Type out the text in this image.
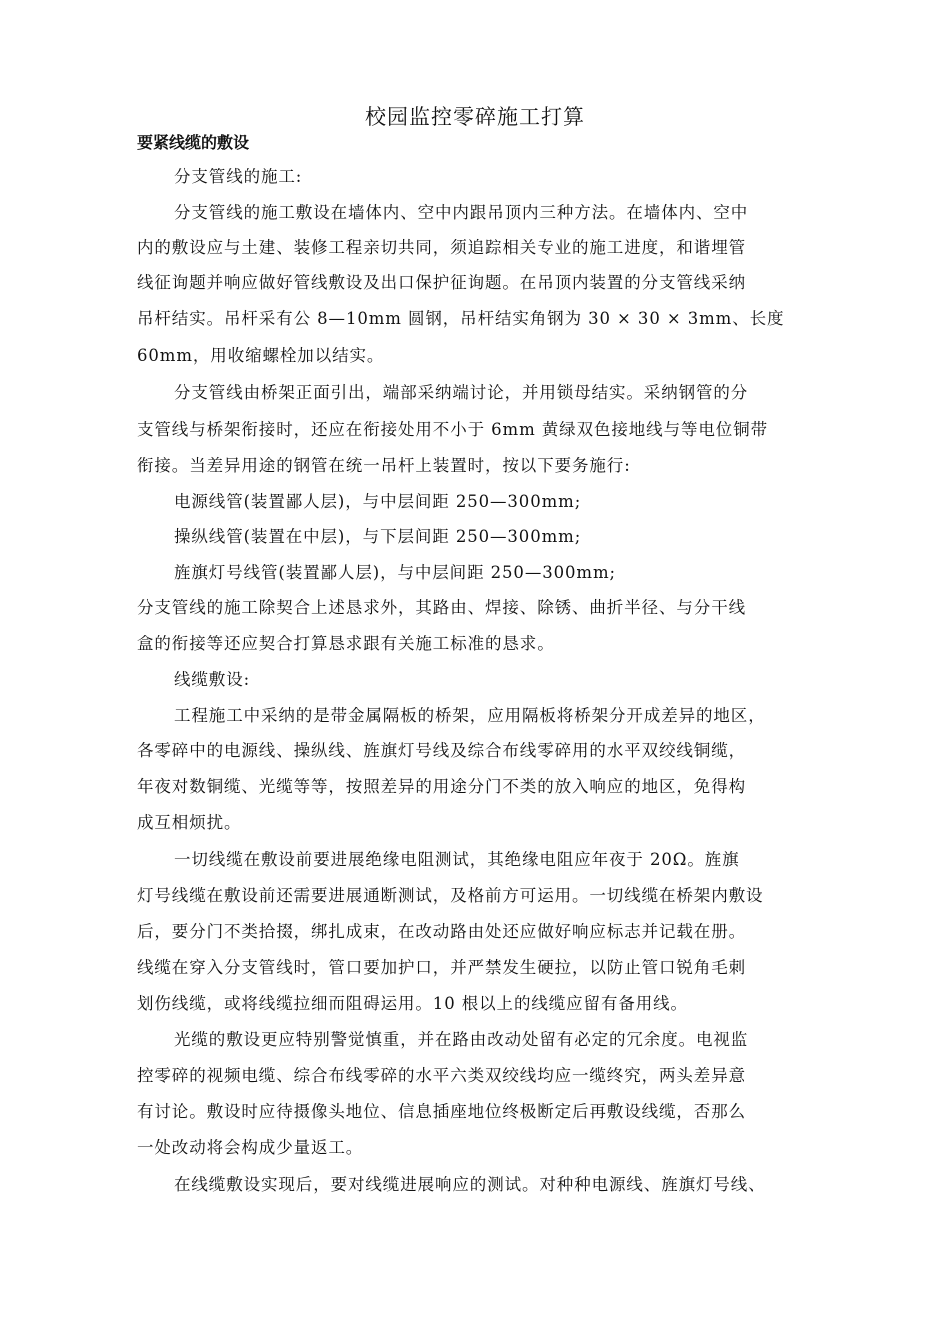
校园监控零碎施工打算
要紧线缆的敷设
分支管线的施工:
分支管线的施工敷设在墙体内、空中内跟吊顶内三种方法。在墙体内、空中
内的敷设应与土建、装修工程亲切共同，须追踪相关专业的施工进度，和谐埋管
线征询题并响应做好管线敷设及出口保护征询题。在吊顶内装置的分支管线采纳
吊杆结实。吊杆采有公 8—10mm 圆钢，吊杆结实角钢为 30 × 30 × 3mm、长度
60mm，用收缩螺栓加以结实。
分支管线由桥架正面引出，端部采纳端讨论，并用锁母结实。采纳钢管的分
支管线与桥架衔接时，还应在衔接处用不小于 6mm 黄绿双色接地线与等电位铜带
衔接。当差异用途的钢管在统一吊杆上装置时，按以下要务施行:
电源线管(装置鄙人层)，与中层间距 250—300mm;
操纵线管(装置在中层)，与下层间距 250—300mm;
旌旗灯号线管(装置鄙人层)，与中层间距 250—300mm;
分支管线的施工除契合上述恳求外，其路由、焊接、除锈、曲折半径、与分干线
盒的衔接等还应契合打算恳求跟有关施工标准的恳求。
线缆敷设:
工程施工中采纳的是带金属隔板的桥架，应用隔板将桥架分开成差异的地区，
各零碎中的电源线、操纵线、旌旗灯号线及综合布线零碎用的水平双绞线铜缆，
年夜对数铜缆、光缆等等，按照差异的用途分门不类的放入响应的地区，免得构
成互相烦扰。
一切线缆在敷设前要进展绝缘电阻测试，其绝缘电阻应年夜于 20Ω。旌旗
灯号线缆在敷设前还需要进展通断测试，及格前方可运用。一切线缆在桥架内敷设
后，要分门不类拾掇，绑扎成束，在改动路由处还应做好响应标志并记载在册。
线缆在穿入分支管线时，管口要加护口，并严禁发生硬拉，以防止管口锐角毛刺
划伤线缆，或将线缆拉细而阻碍运用。10 根以上的线缆应留有备用线。
光缆的敷设更应特别警觉慎重，并在路由改动处留有必定的冗余度。电视监
控零碎的视频电缆、综合布线零碎的水平六类双绞线均应一缆终究，两头差异意
有讨论。敷设时应待摄像头地位、信息插座地位终极断定后再敷设线缆，否那么
一处改动将会构成少量返工。
在线缆敷设实现后，要对线缆进展响应的测试。对种种电源线、旌旗灯号线、
